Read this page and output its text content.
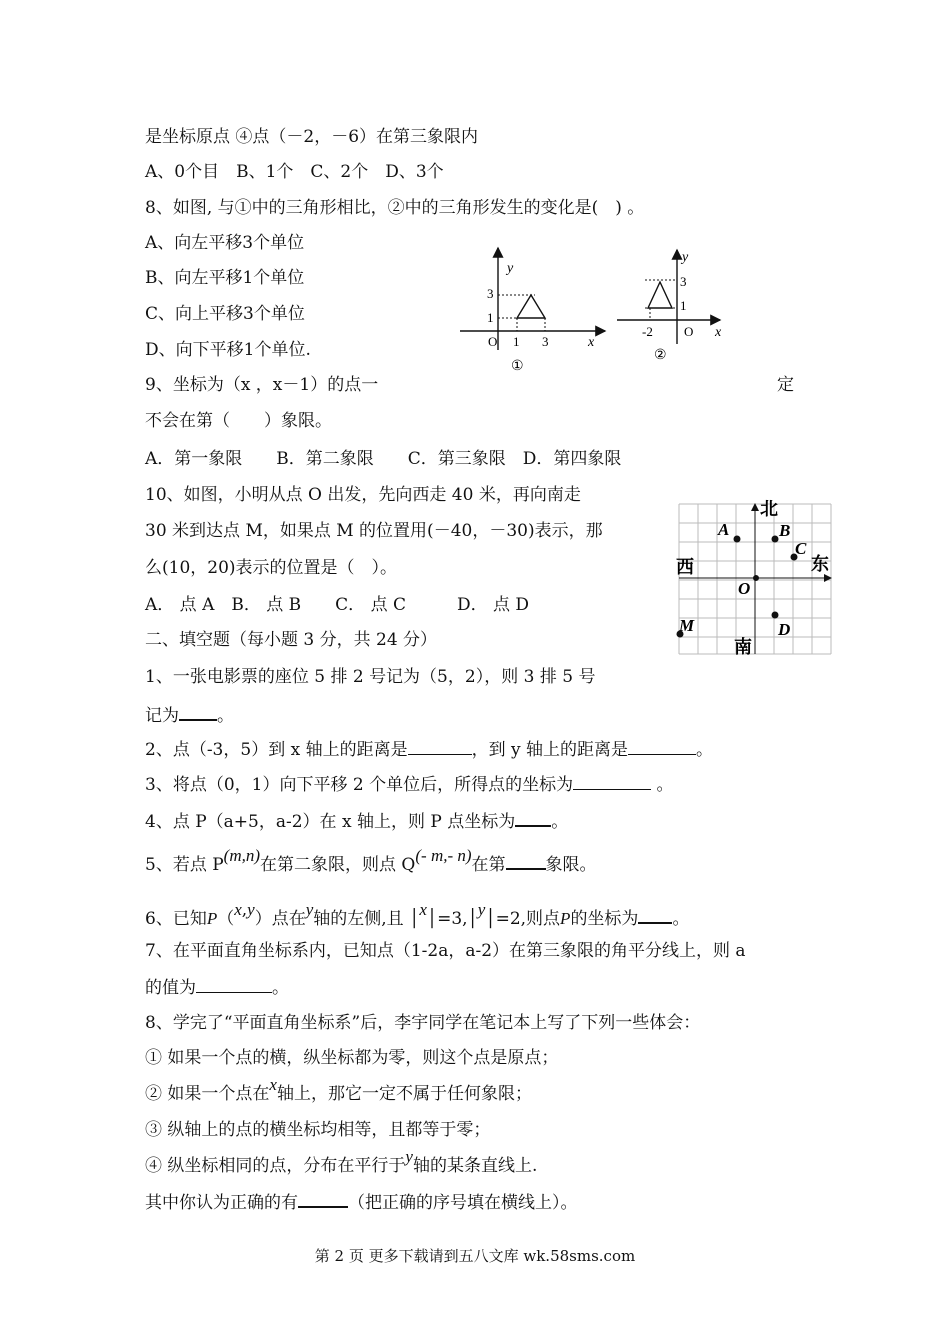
是坐标原点 ④点（－2，－6）在第三象限内
A、0个目　B、1个　C、2个　D、3个
8、如图, 与①中的三角形相比，②中的三角形发生的变化是(　) 。
A、向左平移3个单位
B、向左平移1个单位
C、向上平移3个单位
D、向下平移1个单位.
y
x
O 1 3
1
3
①
y
x
O
-2
1
3
②
9、坐标为（x ，x－1）的点一	定
不会在第（　　）象限。
A．第一象限　　B．第二象限　　C．第三象限　D．第四象限
10、如图，小明从点 O 出发，先向西走 40 米，再向南走
30 米到达点 M，如果点 M 的位置用(－40，－30)表示，那
么(10，20)表示的位置是（　）。
A． 点 A　B． 点 B　　C． 点 C　　　D． 点 D
A	B
C
O
D
M
北
南
西	东
二、填空题（每小题 3 分，共 24 分）
1、一张电影票的座位 5 排 2 号记为（5，2），则 3 排 5 号
记为 。
2、点（-3，5）到 x 轴上的距离是	，到 y 轴上的距离是	。
3、将点（0，1）向下平移 2 个单位后，所得点的坐标为	。
4、点 P（a+5，a-2）在 x 轴上，则 P 点坐标为 。
5、若点 P(m,n)在第二象限，则点 Q(- m,- n)在第 象限。
6、已知P（x,y）点在y轴的左侧,且 │x│=3,│y│=2,则点P的坐标为 。
7、在平面直角坐标系内，已知点（1-2a，a-2）在第三象限的角平分线上，则 a
的值为	。
8、学完了“平面直角坐标系”后，李宇同学在笔记本上写了下列一些体会：
① 如果一个点的横，纵坐标都为零，则这个点是原点；
② 如果一个点在x轴上，那它一定不属于任何象限；
③ 纵轴上的点的横坐标均相等，且都等于零；
④ 纵坐标相同的点，分布在平行于y轴的某条直线上.
其中你认为正确的有	（把正确的序号填在横线上）。
第 2 页 更多下载请到五八文库 wk.58sms.com
